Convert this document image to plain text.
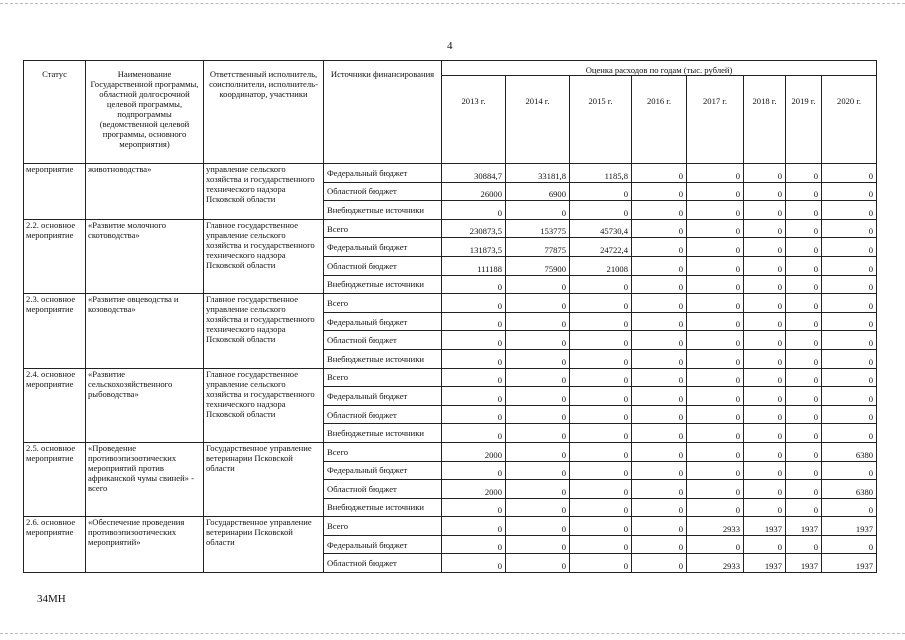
4
Статус	Наименование Государственной программы, областной долгосрочной целевой программы, подпрограммы (ведомственной целевой программы, основного мероприятия)	Ответственный исполнитель, соисполнители, исполнитель-координатор, участники	Источники финансирования	Оценка расходов по годам (тыс. рублей)							
				2013 г.	2014 г.	2015 г.	2016 г.	2017 г.	2018 г.	2019 г.	2020 г.
мероприятие	животноводства»	управление сельского хозяйства и государственного технического надзора Псковской области	Федеральный бюджет	30884,7	33181,8	1185,8	0	0	0	0	0
			Областной бюджет	26000	6900	0	0	0	0	0	0
			Внебюджетные источники	0	0	0	0	0	0	0	0
2.2. основное мероприятие	«Развитие молочного скотоводства»	Главное государственное управление сельского хозяйства и государственного технического надзора Псковской области	Всего	230873,5	153775	45730,4	0	0	0	0	0
			Федеральный бюджет	131873,5	77875	24722,4	0	0	0	0	0
			Областной бюджет	111188	75900	21008	0	0	0	0	0
			Внебюджетные источники	0	0	0	0	0	0	0	0
2.3. основное мероприятие	«Развитие овцеводства и козоводства»	Главное государственное управление сельского хозяйства и государственного технического надзора Псковской области	Всего	0	0	0	0	0	0	0	0
			Федеральный бюджет	0	0	0	0	0	0	0	0
			Областной бюджет	0	0	0	0	0	0	0	0
			Внебюджетные источники	0	0	0	0	0	0	0	0
2.4. основное мероприятие	«Развитие сельскохозяйственного рыбоводства»	Главное государственное управление сельского хозяйства и государственного технического надзора Псковской области	Всего	0	0	0	0	0	0	0	0
			Федеральный бюджет	0	0	0	0	0	0	0	0
			Областной бюджет	0	0	0	0	0	0	0	0
			Внебюджетные источники	0	0	0	0	0	0	0	0
2.5. основное мероприятие	«Проведение противоэпизоотических мероприятий против африканской чумы свиней» - всего	Государственное управление ветеринарии Псковской области	Всего	2000	0	0	0	0	0	0	6380
			Федеральный бюджет	0	0	0	0	0	0	0	0
			Областной бюджет	2000	0	0	0	0	0	0	6380
			Внебюджетные источники	0	0	0	0	0	0	0	0
2.6. основное мероприятие	«Обеспечение проведения противоэпизоотических мероприятий»	Государственное управление ветеринарии Псковской области	Всего	0	0	0	0	2933	1937	1937	1937
			Федеральный бюджет	0	0	0	0	0	0	0	0
			Областной бюджет	0	0	0	0	2933	1937	1937	1937
34МН
